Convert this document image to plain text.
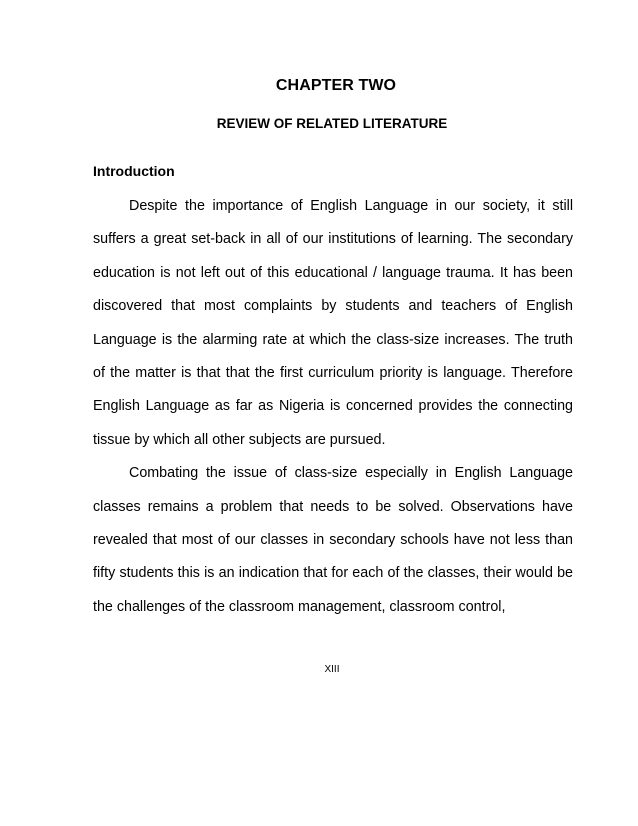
CHAPTER TWO
REVIEW OF RELATED LITERATURE
Introduction

Despite the importance of English Language in our society, it still suffers a great set-back in all of our institutions of learning. The secondary education is not left out of this educational / language trauma. It has been discovered that most complaints by students and teachers of English Language is the alarming rate at which the class-size increases. The truth of the matter is that that the first curriculum priority is language. Therefore English Language as far as Nigeria is concerned provides the connecting tissue by which all other subjects are pursued.

Combating the issue of class-size especially in English Language classes remains a problem that needs to be solved. Observations have revealed that most of our classes in secondary schools have not less than fifty students this is an indication that for each of the classes, their would be the challenges of the classroom management, classroom control,

XIII
